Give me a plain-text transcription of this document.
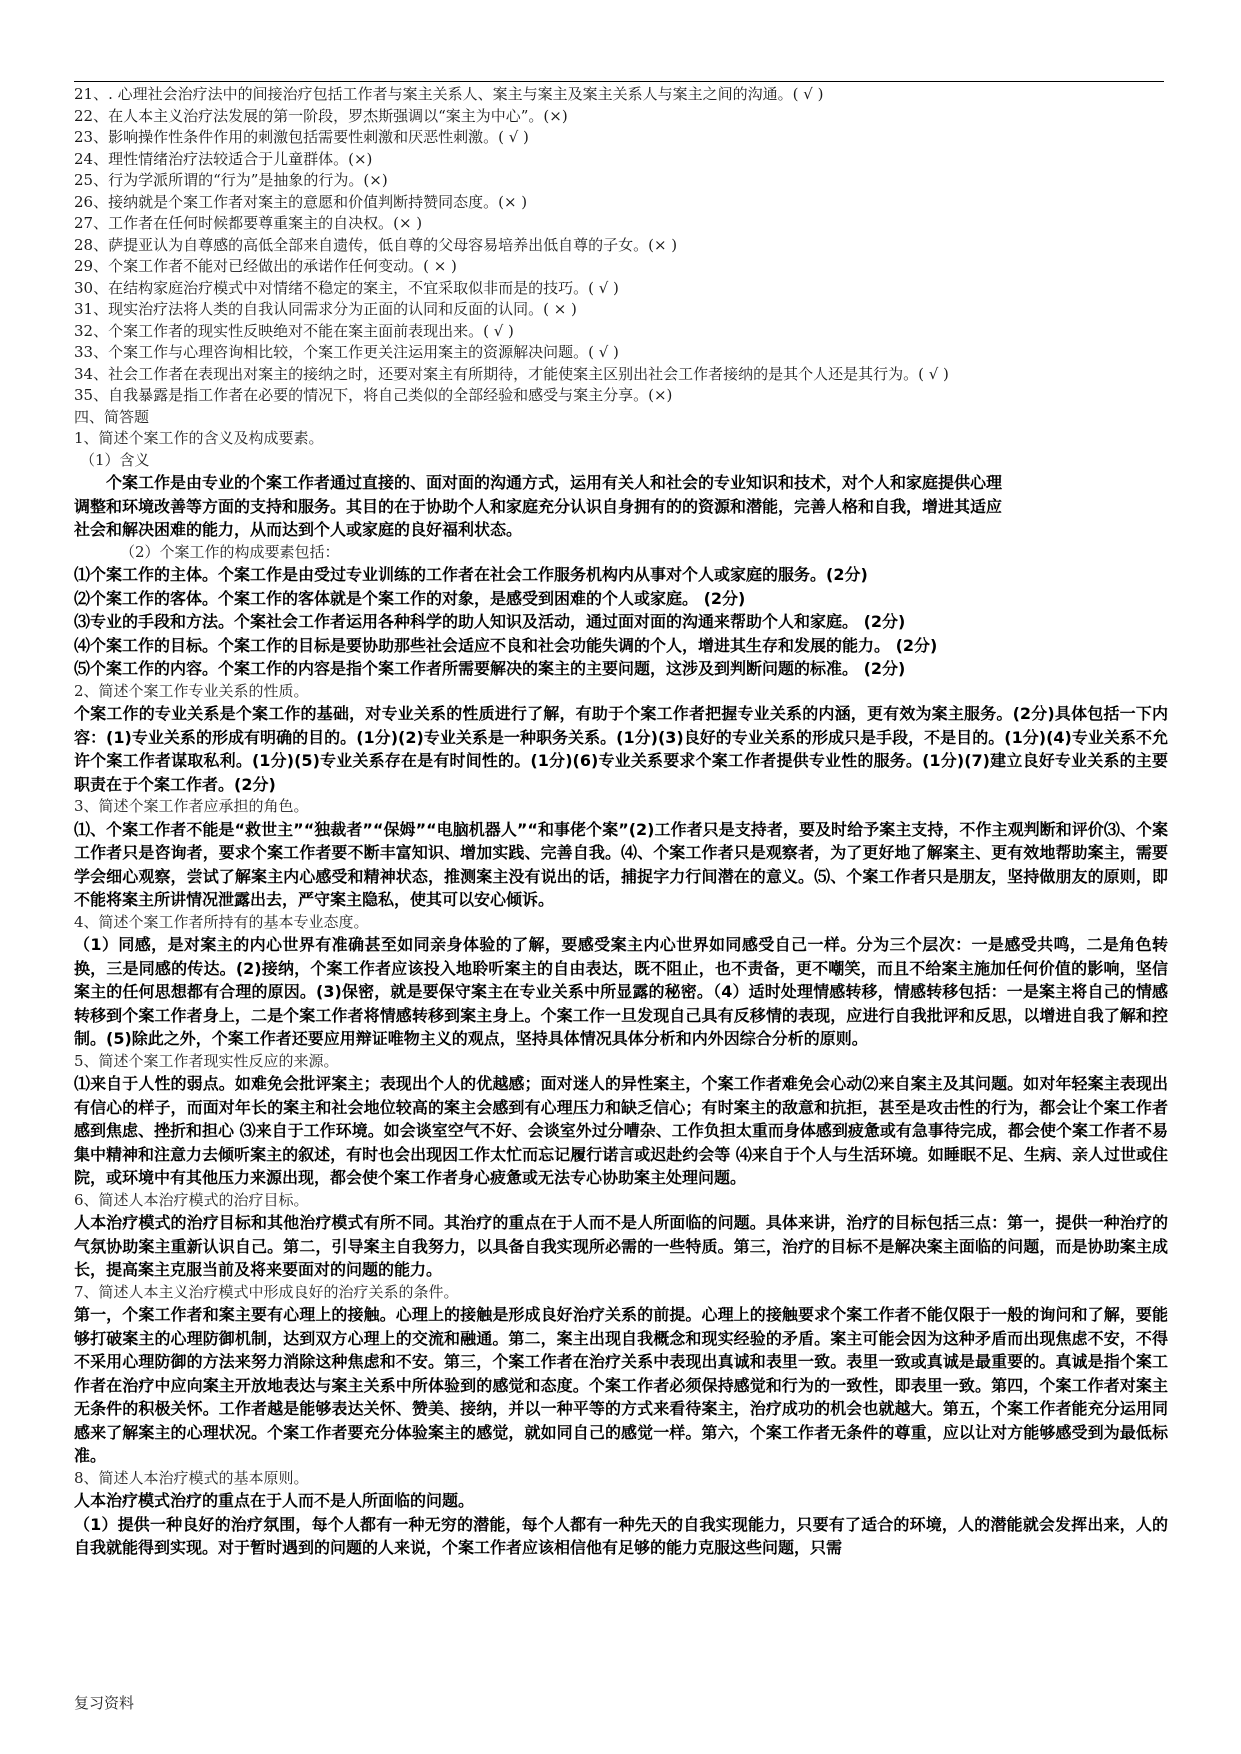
21、. 心理社会治疗法中的间接治疗包括工作者与案主关系人、案主与案主及案主关系人与案主之间的沟通。( √ )
22、在人本主义治疗法发展的第一阶段，罗杰斯强调以“案主为中心”。(×)
23、影响操作性条件作用的刺激包括需要性刺激和厌恶性刺激。( √ )
24、理性情绪治疗法较适合于儿童群体。(×)
25、行为学派所谓的“行为”是抽象的行为。(×)
26、接纳就是个案工作者对案主的意愿和价值判断持赞同态度。(× )
27、工作者在任何时候都要尊重案主的自决权。(× )
28、萨提亚认为自尊感的高低全部来自遗传，低自尊的父母容易培养出低自尊的子女。(× )
29、个案工作者不能对已经做出的承诺作任何变动。( × )
30、在结构家庭治疗模式中对情绪不稳定的案主，不宜采取似非而是的技巧。( √ )
31、现实治疗法将人类的自我认同需求分为正面的认同和反面的认同。( × )
32、个案工作者的现实性反映绝对不能在案主面前表现出来。( √ )
33、个案工作与心理咨询相比较，个案工作更关注运用案主的资源解决问题。( √ )
34、社会工作者在表现出对案主的接纳之时，还要对案主有所期待，才能使案主区别出社会工作者接纳的是其个人还是其行为。( √ )
35、自我暴露是指工作者在必要的情况下，将自己类似的全部经验和感受与案主分享。(×)
四、简答题
1、简述个案工作的含义及构成要素。
（1）含义
个案工作是由专业的个案工作者通过直接的、面对面的沟通方式，运用有关人和社会的专业知识和技术，对个人和家庭提供心理
调整和环境改善等方面的支持和服务。其目的在于协助个人和家庭充分认识自身拥有的的资源和潜能，完善人格和自我，增进其适应
社会和解决困难的能力，从而达到个人或家庭的良好福利状态。
（2）个案工作的构成要素包括：
⑴个案工作的主体。个案工作是由受过专业训练的工作者在社会工作服务机构内从事对个人或家庭的服务。(2分)
⑵个案工作的客体。个案工作的客体就是个案工作的对象，是感受到困难的个人或家庭。 (2分)
⑶专业的手段和方法。个案社会工作者运用各种科学的助人知识及活动，通过面对面的沟通来帮助个人和家庭。 (2分)
⑷个案工作的目标。个案工作的目标是要协助那些社会适应不良和社会功能失调的个人，增进其生存和发展的能力。 (2分)
⑸个案工作的内容。个案工作的内容是指个案工作者所需要解决的案主的主要问题，这涉及到判断问题的标准。 (2分)
2、简述个案工作专业关系的性质。
个案工作的专业关系是个案工作的基础，对专业关系的性质进行了解，有助于个案工作者把握专业关系的内涵，更有效为案主服务。(2分)具体包括一下内容：(1)专业关系的形成有明确的目的。(1分)(2)专业关系是一种职务关系。(1分)(3)良好的专业关系的形成只是手段，不是目的。(1分)(4)专业关系不允许个案工作者谋取私利。(1分)(5)专业关系存在是有时间性的。(1分)(6)专业关系要求个案工作者提供专业性的服务。(1分)(7)建立良好专业关系的主要职责在于个案工作者。(2分)
3、简述个案工作者应承担的角色。
⑴、个案工作者不能是“救世主”“独裁者”“保姆”“电脑机器人”“和事佬个案”(2)工作者只是支持者，要及时给予案主支持，不作主观判断和评价⑶、个案工作者只是咨询者，要求个案工作者要不断丰富知识、增加实践、完善自我。⑷、个案工作者只是观察者，为了更好地了解案主、更有效地帮助案主，需要学会细心观察，尝试了解案主内心感受和精神状态，推测案主没有说出的话，捕捉字力行间潜在的意义。⑸、个案工作者只是朋友，坚持做朋友的原则，即不能将案主所讲情况泄露出去，严守案主隐私，使其可以安心倾诉。
4、简述个案工作者所持有的基本专业态度。
（1）同感，是对案主的内心世界有准确甚至如同亲身体验的了解，要感受案主内心世界如同感受自己一样。分为三个层次：一是感受共鸣，二是角色转换，三是同感的传达。(2)接纳，个案工作者应该投入地聆听案主的自由表达，既不阻止，也不责备，更不嘲笑，而且不给案主施加任何价值的影响，坚信案主的任何思想都有合理的原因。(3)保密，就是要保守案主在专业关系中所显露的秘密。（4）适时处理情感转移，情感转移包括：一是案主将自己的情感转移到个案工作者身上，二是个案工作者将情感转移到案主身上。个案工作一旦发现自己具有反移情的表现，应进行自我批评和反思，以增进自我了解和控制。(5)除此之外，个案工作者还要应用辩证唯物主义的观点，坚持具体情况具体分析和内外因综合分析的原则。
5、简述个案工作者现实性反应的来源。
⑴来自于人性的弱点。如难免会批评案主；表现出个人的优越感；面对迷人的异性案主，个案工作者难免会心动⑵来自案主及其问题。如对年轻案主表现出有信心的样子，而面对年长的案主和社会地位较高的案主会感到有心理压力和缺乏信心；有时案主的敌意和抗拒，甚至是攻击性的行为，都会让个案工作者感到焦虑、挫折和担心 ⑶来自于工作环境。如会谈室空气不好、会谈室外过分嘈杂、工作负担太重而身体感到疲惫或有急事待完成，都会使个案工作者不易集中精神和注意力去倾听案主的叙述，有时也会出现因工作太忙而忘记履行诺言或迟赴约会等 ⑷来自于个人与生活环境。如睡眠不足、生病、亲人过世或住院，或环境中有其他压力来源出现，都会使个案工作者身心疲惫或无法专心协助案主处理问题。
6、简述人本治疗模式的治疗目标。
人本治疗模式的治疗目标和其他治疗模式有所不同。其治疗的重点在于人而不是人所面临的问题。具体来讲，治疗的目标包括三点：第一，提供一种治疗的气氛协助案主重新认识自己。第二，引导案主自我努力，以具备自我实现所必需的一些特质。第三，治疗的目标不是解决案主面临的问题，而是协助案主成长，提高案主克服当前及将来要面对的问题的能力。
7、简述人本主义治疗模式中形成良好的治疗关系的条件。
第一，个案工作者和案主要有心理上的接触。心理上的接触是形成良好治疗关系的前提。心理上的接触要求个案工作者不能仅限于一般的询问和了解，要能够打破案主的心理防御机制，达到双方心理上的交流和融通。第二，案主出现自我概念和现实经验的矛盾。案主可能会因为这种矛盾而出现焦虑不安，不得不采用心理防御的方法来努力消除这种焦虑和不安。第三，个案工作者在治疗关系中表现出真诚和表里一致。表里一致或真诚是最重要的。真诚是指个案工作者在治疗中应向案主开放地表达与案主关系中所体验到的感觉和态度。个案工作者必须保持感觉和行为的一致性，即表里一致。第四，个案工作者对案主无条件的积极关怀。工作者越是能够表达关怀、赞美、接纳，并以一种平等的方式来看待案主，治疗成功的机会也就越大。第五，个案工作者能充分运用同感来了解案主的心理状况。个案工作者要充分体验案主的感觉，就如同自己的感觉一样。第六，个案工作者无条件的尊重，应以让对方能够感受到为最低标准。
8、简述人本治疗模式的基本原则。
人本治疗模式治疗的重点在于人而不是人所面临的问题。
（1）提供一种良好的治疗氛围，每个人都有一种无穷的潜能，每个人都有一种先天的自我实现能力，只要有了适合的环境，人的潜能就会发挥出来，人的自我就能得到实现。对于暂时遇到的问题的人来说，个案工作者应该相信他有足够的能力克服这些问题，只需
复习资料
